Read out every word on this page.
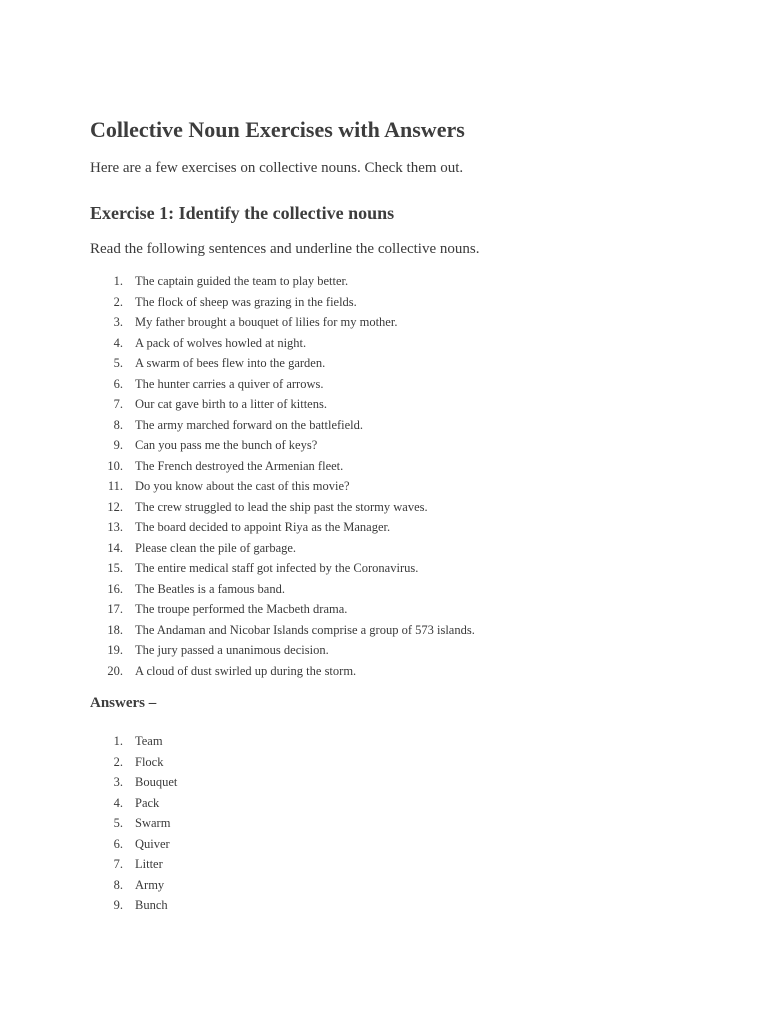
Collective Noun Exercises with Answers

Here are a few exercises on collective nouns. Check them out.

Exercise 1: Identify the collective nouns

Read the following sentences and underline the collective nouns.

1. The captain guided the team to play better.
2. The flock of sheep was grazing in the fields.
3. My father brought a bouquet of lilies for my mother.
4. A pack of wolves howled at night.
5. A swarm of bees flew into the garden.
6. The hunter carries a quiver of arrows.
7. Our cat gave birth to a litter of kittens.
8. The army marched forward on the battlefield.
9. Can you pass me the bunch of keys?
10. The French destroyed the Armenian fleet.
11. Do you know about the cast of this movie?
12. The crew struggled to lead the ship past the stormy waves.
13. The board decided to appoint Riya as the Manager.
14. Please clean the pile of garbage.
15. The entire medical staff got infected by the Coronavirus.
16. The Beatles is a famous band.
17. The troupe performed the Macbeth drama.
18. The Andaman and Nicobar Islands comprise a group of 573 islands.
19. The jury passed a unanimous decision.
20. A cloud of dust swirled up during the storm.
Answers –
1. Team
2. Flock
3. Bouquet
4. Pack
5. Swarm
6. Quiver
7. Litter
8. Army
9. Bunch
